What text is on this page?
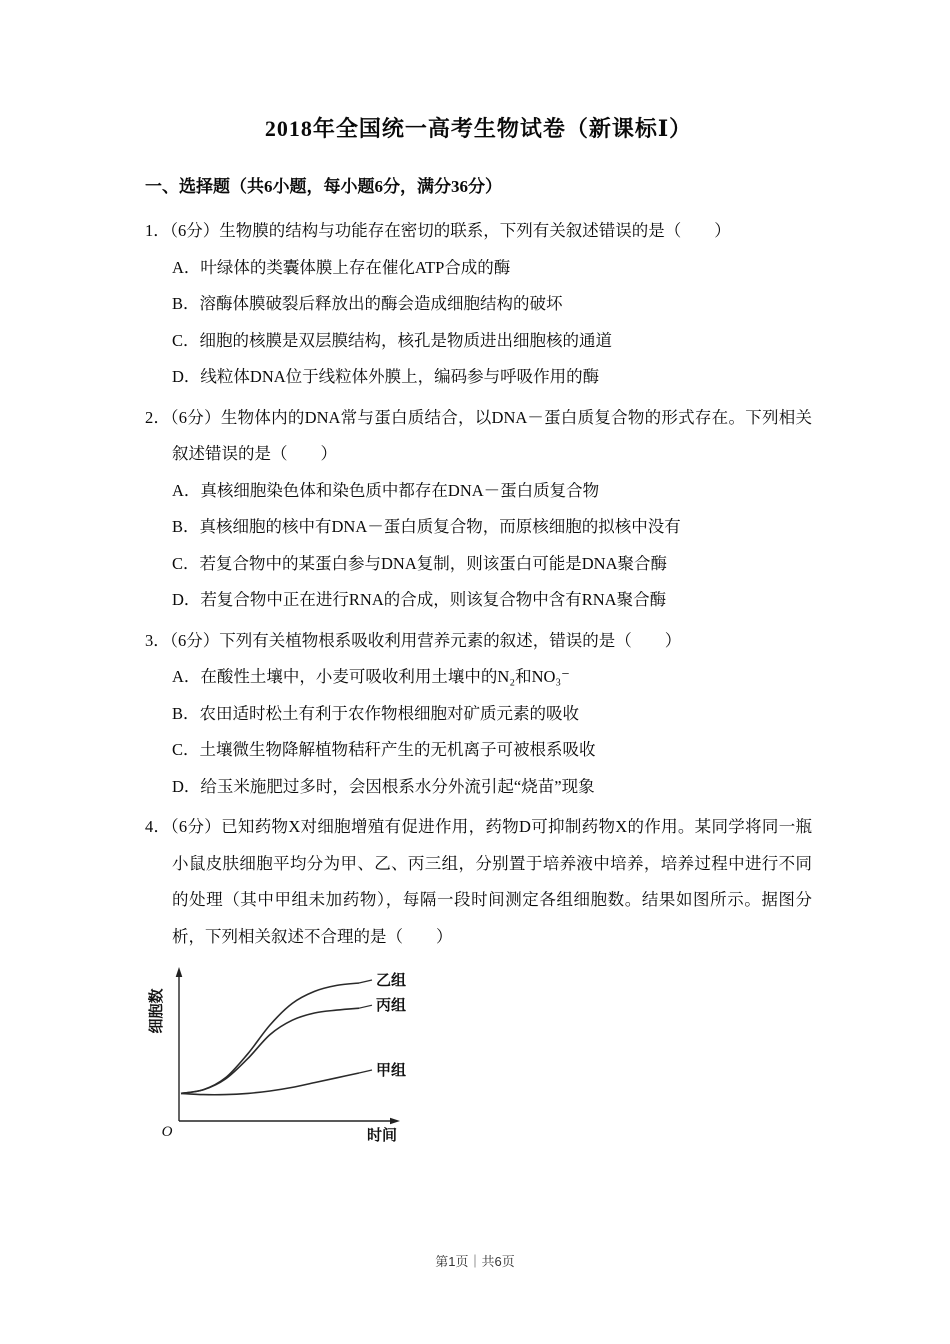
2018年全国统一高考生物试卷（新课标Ⅰ）
一、选择题（共6小题，每小题6分，满分36分）
1．（6分）生物膜的结构与功能存在密切的联系，下列有关叙述错误的是（　　）
A．叶绿体的类囊体膜上存在催化ATP合成的酶
B．溶酶体膜破裂后释放出的酶会造成细胞结构的破坏
C．细胞的核膜是双层膜结构，核孔是物质进出细胞核的通道
D．线粒体DNA位于线粒体外膜上，编码参与呼吸作用的酶
2．（6分）生物体内的DNA常与蛋白质结合，以DNA－蛋白质复合物的形式存在。下列相关叙述错误的是（　　）
A．真核细胞染色体和染色质中都存在DNA－蛋白质复合物
B．真核细胞的核中有DNA－蛋白质复合物，而原核细胞的拟核中没有
C．若复合物中的某蛋白参与DNA复制，则该蛋白可能是DNA聚合酶
D．若复合物中正在进行RNA的合成，则该复合物中含有RNA聚合酶
3．（6分）下列有关植物根系吸收利用营养元素的叙述，错误的是（　　）
A．在酸性土壤中，小麦可吸收利用土壤中的N₂和NO₃⁻
B．农田适时松土有利于农作物根细胞对矿质元素的吸收
C．土壤微生物降解植物秸秆产生的无机离子可被根系吸收
D．给玉米施肥过多时，会因根系水分外流引起“烧苗”现象
4．（6分）已知药物X对细胞增殖有促进作用，药物D可抑制药物X的作用。某同学将同一瓶小鼠皮肤细胞平均分为甲、乙、丙三组，分别置于培养液中培养，培养过程中进行不同的处理（其中甲组未加药物），每隔一段时间测定各组细胞数。结果如图所示。据图分析，下列相关叙述不合理的是（　　）
细胞数
O	时间
乙组
丙组
甲组
第1页｜共6页
